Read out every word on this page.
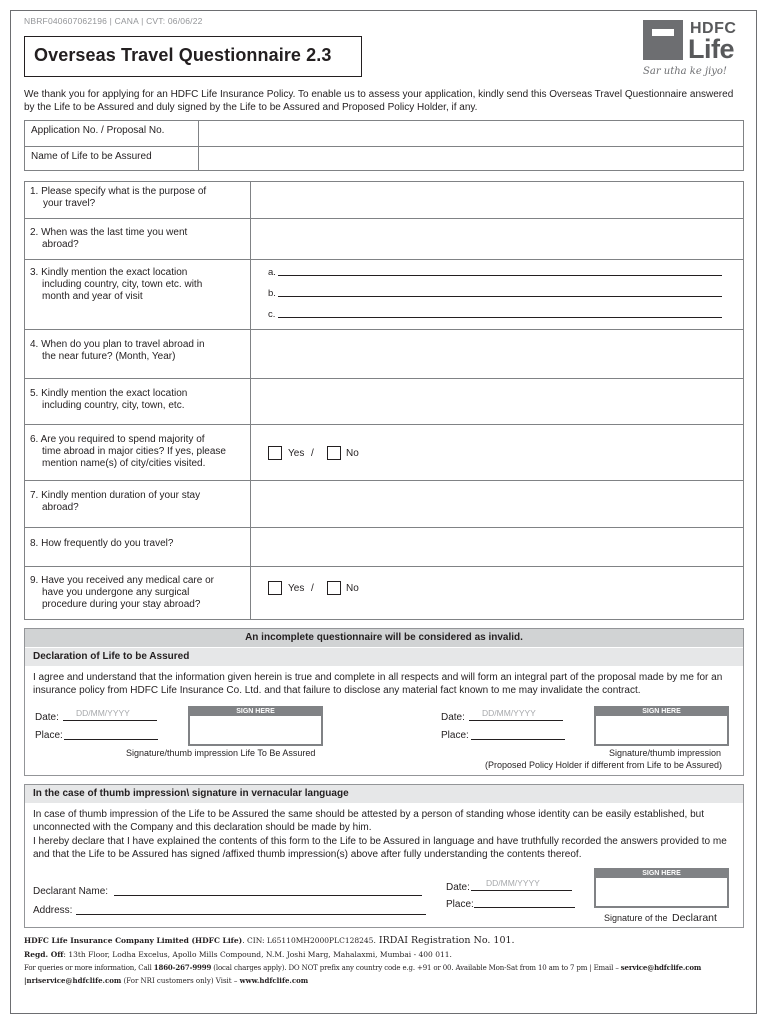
NBRF040607062196 | CANA | CVT: 06/06/22
Overseas Travel Questionnaire 2.3
HDFC
Life
Sar utha ke jiyo!
We thank you for applying for an HDFC Life Insurance Policy. To enable us to assess your application, kindly send this Overseas Travel Questionnaire answered by the Life to be Assured and duly signed by the Life to be Assured and Proposed Policy Holder, if any.
Application No. / Proposal No.
Name of Life to be Assured
1. Please specify what is the purpose of
your travel?
2. When was the last time you went
abroad?
3. Kindly mention the exact location
including country, city, town etc. with
month and year of visit
a.
b.
c.
4. When do you plan to travel abroad in
the near future? (Month, Year)
5. Kindly mention the exact location
including country, city, town, etc.
6. Are you required to spend majority of
time abroad in major cities? If yes, please
mention name(s) of city/cities visited.
Yes /	No
7. Kindly mention duration of your stay
abroad?
8. How frequently do you travel?
9. Have you received any medical care or
have you undergone any surgical
procedure during your stay abroad?
Yes /	No
An incomplete questionnaire will be considered as invalid.
Declaration of Life to be Assured
I agree and understand that the information given herein is true and complete in all respects and will form an integral part of the proposal made by me for an insurance policy from HDFC Life Insurance Co. Ltd. and that failure to disclose any material fact known to me may invalidate the contract.
Date: DD/MM/YYYY
Place:
SIGN HERE
Signature/thumb impression Life To Be Assured
Date: DD/MM/YYYY
Place:
SIGN HERE
Signature/thumb impression
(Proposed Policy Holder if different from Life to be Assured)
In the case of thumb impression\ signature in vernacular language
In case of thumb impression of the Life to be Assured the same should be attested by a person of standing whose identity can be easily established, but unconnected with the Company and this declaration should be made by him.
I hereby declare that I have explained the contents of this form to the Life to be Assured in language and have truthfully recorded the answers provided to me and that the Life to be Assured has signed /affixed thumb impression(s) above after fully understanding the contents thereof.
Declarant Name:
Address:
Date: DD/MM/YYYY
Place:
SIGN HERE
Signature of the Declarant
HDFC Life Insurance Company Limited (HDFC Life). CIN: L65110MH2000PLC128245. IRDAI Registration No. 101.
Regd. Off: 13th Floor, Lodha Excelus, Apollo Mills Compound, N.M. Joshi Marg, Mahalaxmi, Mumbai - 400 011.
For queries or more information, Call 1860-267-9999 (local charges apply). DO NOT prefix any country code e.g. +91 or 00. Available Mon-Sat from 10 am to 7 pm | Email – service@hdfclife.com
|nriservice@hdfclife.com (For NRI customers only) Visit – www.hdfclife.com
